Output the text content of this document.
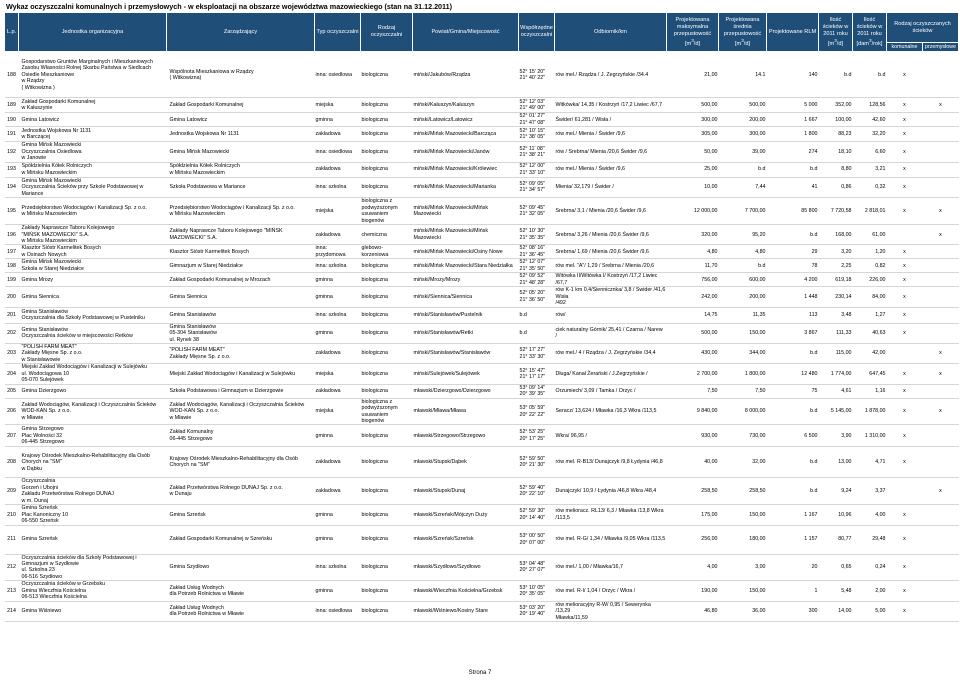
Wykaz oczyszczalni komunalnych i przemysłowych - w eksploatacji na obszarze województwa mazowieckiego (stan na 31.12.2011)
L.p.	Jednostka organizacyjna	Zarządzający	Typ oczyszczalni	Rodzaj oczyszczalni	Powiat/Gmina/Miejscowość	Współrzędne oczyszczalni	Odbiornik/km	Projektowana maksymalna przepustowość
$[m^3/d]$	Projektowana średnia przepustowość
$[m^3/d]$	Projektowane RLM	Ilość ścieków w 2011 roku
$[m^3/d]$	Ilość ścieków w 2011 roku
[dam$^3$/rok]	Rodzaj oczyszczanych ścieków	
													komunalne	przemysłowe
188	Gospodarstwo Gruntów Marginalnych i Mieszkaniowych
Zasobu Własności Rolnej Skarbu Państwa w Siedlcach
Osiedle Mieszkaniowe
w Rządzy
( Witkowizna )	Wspólnota Mieszkaniowa w Rządzy
( Witkowizna)	inna: osiedlowa	biologiczna	miński/Jakubów/Rządza	52° 15' 20"
21° 40' 22"	rów mel./ Rządza / J. Zegrzyńskie /34.4	21,00	14.1	140	b.d	b.d	x	
189	Zakład Gospodarki Komunalnej
w Kałuszynie	Zakład Gospodarki Komunalnej	miejska	biologiczna	miński/Kałuszyn/Kałuszyn	52° 12' 03"
21° 49' 00"	Witkówka/ 14,35 / Kostrzyń /17,2 Liwiec /67,7	500,00	500,00	5 000	352,00	128,56	x	x
190	Gmina Latowicz	Gmina Latowicz	gminna	biologiczna	miński/Latowicz/Latowicz	52° 01' 27"
21° 47' 08"	Świder/ 61,281 / Wisła /	300,00	200,00	1 667	100,00	42,60	x	
191	Jednostka Wojskowa Nr 1131
w Barczącej	Jednostka Wojskowa Nr 1131	zakładowa	biologiczna	miński/Mińsk Mazowiecki/Barcząca	52° 10' 15"
21° 38' 05"	rów mel./ Mienia / Świder /9,6	305,00	300,00	1 800	88,23	32,20	x	
192	Gmina Mińsk Mazowiecki
Oczyszczalnia Osiedlowa
w Janowie	Gmina Mińsk Mazowiecki	inna: osiedlowa	biologiczna	miński/Mińsk Mazowiecki/Janów	52° 11' 08"
21° 38' 21"	rów / Srebrna/ Mienia /20,6 Świder /9,6	50,00	39,00	274	18,10	6,60	x	
193	Spółdzielnia Kółek Rolniczych
w Mińsku Mazowieckim	Spółdzielnia Kółek Rolniczych
w Mińsku Mazowieckim	zakładowa	biologiczna	miński/Mińsk Mazowiecki/Królewiec	52° 12' 00"
21° 33' 10"	rów mel./ Mienia / Świder /9,6	25,00	b.d	b.d	8,80	3,21	x	
194	Gmina Mińsk Mazowiecki
Oczyszczalnia Ścieków przy Szkole Podstawowej w
Mariance	Szkoła Podstawowa w Mariance	inna: szkolna	biologiczna	miński/Mińsk Mazowiecki/Marianka	52° 09' 05"
21° 34' 57"	Mienia/ 32,179 / Świder /	10,00	7,44	41	0,86	0,32	x	
195	Przedsiębiorstwo Wodociągów i Kanalizacji Sp. z o.o.
w Mińsku Mazowieckim	Przedsiębiorstwo Wodociągów i Kanalizacji Sp. z o.o.
w Mińsku Mazowieckim	miejska	biologiczna z
podwyższonym
usuwaniem
biogenów	miński/Mińsk Mazowiecki/Mińsk
Mazowiecki	52° 09' 45"
21° 32' 05"	Srebrna/ 3,1 / Mienia /20,6 Świder /9,6	12 000,00	7 700,00	85 800	7 720,58	2 818,01	x	x
196	Zakłady Naprawcze Taboru Kolejowego
"MIŃSK MAZOWIECKI" S.A.
w Mińsku Mazowieckim	Zakłady Naprawcze Taboru Kolejowego "MIŃSK
MAZOWIECKI" S.A.	zakładowa	chemiczna	miński/Mińsk Mazowiecki/Mińsk
Mazowiecki	52° 10' 30"
21° 35' 35"	Srebrna/ 3,26 / Mienia /20,6 Świder /9,6	320,00	95,20	b.d	168,00	61,00		x
197	Klasztor Sióstr Karmelitek Bosych
w Osinach Nowych	Klasztor Sióstr Karmelitek Bosych	inna:
przydomowa	glebowo-
korzeniowa	miński/Mińsk Mazowiecki/Osiny Nowe	52° 08' 16"
21° 36' 45"	Srebrna/ 1,69 / Mienia /20,6 Świder /9,6	4,80	4,80	29	3,20	1,20	x	
198	Gmina Mińsk Mazowiecki
Szkoła w Starej Niedziałce	Gimnazjum w Starej Niedziałce	inna: szkolna	biologiczna	miński/Mińsk Mazowiecki/Stara Niedziałka	52° 12' 07"
21° 35' 50"	rów mel. "A"/ 1,29 / Srebrna / Mienia /20,6	11,70	b.d	78	2,25	0,82	x	
199	Gmina Mrozy	Zakład Gospodarki Komunalnej w Mrozach	gminna	biologiczna	miński/Mrozy/Mrozy	52° 09' 52"
21° 48' 28"	Witówka II/Witówka I/ Kostrzyń /17,2 Liwiec /67,7	756,00	600,00	4 200	619,18	226,00	x	
200	Gmina Siennica	Gmina Siennica	gminna	biologiczna	miński/Siennica/Siennica	52° 05' 20"
21° 36' 50"	rów K-1 km 0,4/Siennicznka/ 3,8 / Świder /41,6 Wisła
/492	242,00	200,00	1 448	230,14	84,00	x	
201	Gmina Stanisławów
Oczyszczalnia dla Szkoły Podstawowej w Pustelniku	Gmina Stanisławów	inna: szkolna	biologiczna	miński/Stanisławów/Pustelnik	b.d	rów/	14,75	11,35	113	3,48	1,27	x	
202	Gmina Stanisławów
Oczyszczalnia ścieków w miejscowości Retków	Gmina Stanisławów
05-304 Stanisławów
ul. Rynek 38	gminna	biologiczna	miński/Stanisławów/Retki	b.d	ciek naturalny Górnik/ 25,41 / Czarna / Narew /	500,00	150,00	3 867	111,33	40,63	x	
203	"POLISH FARM MEAT"
Zakłady Mięsne Sp. z o.o.
w Stanisławowie	"POLISH FARM MEAT"
Zakłady Mięsne Sp. z o.o.	zakładowa	biologiczna	miński/Stanisławów/Stanisławów	52° 17' 27"
21° 33' 30"	rów mel./ 4 / Rządza / J. Zegrzyńskie /34,4	430,00	344,00	b.d	115,00	42,00		x
204	Miejski Zakład Wodociągów i Kanalizacji w Sulejówku
ul. Wodociągowa 10
05-070 Sulejówek	Miejski Zakład Wodociągów i Kanalizacji w Sulejówku	miejska	biologiczna	miński/Sulejówek/Sulejówek	52° 15' 47"
21° 17' 17"	Długa/ Kanał Żerański / J.Zegrzyńskie /	2 700,00	1 800,00	12 480	1 774,00	647,45	x	x
205	Gmina Dzierzgowo	Szkoła Podstawowa i Gimnazjum w Dzierzgowie	zakładowa	biologiczna	mławski/Dzierzgowo/Dzierzgowo	53° 09' 14"
20° 39' 35"	Orzumiech/ 3,09 / Tamka / Orzyc /	7,50	7,50	75	4,61	1,16	x	
206	Zakład Wodociągów, Kanalizacji i Oczyszczalnia Ścieków
WOD-KAN Sp. z o.o.
w Mławie	Zakład Wodociągów, Kanalizacji i Oczyszczalnia Ścieków
WOD-KAN Sp. z o.o.
w Mławie	miejska	biologiczna z
podwyższonym
usuwaniem
biogenów	mławski/Mława/Mława	53° 05' 59"
20° 22' 22"	Seracz/ 13,624 / Mławka /16,3 Wkra /113,5	9 840,00	8 000,00	b.d	5 145,00	1 878,00	x	x
207	Gmina Strzegowo
Plac Wolności 32
06-445 Strzegowo	Zakład Komunalny
06-445 Strzegowo	gminna	biologiczna	mławski/Strzegowo/Strzegowo	52° 53' 25"
20° 17' 25"	Wkra/ 96,95 /	930,00	730,00	6 500	3,90	1 310,00	x	
208	Krajowy Ośrodek Mieszkalno-Rehabilitacyjny dla Osób
Chorych na "SM"
w Dąbku	Krajowy Ośrodek Mieszkalno-Rehabilitacyjny dla Osób
Chorych na "SM"	zakładowa	biologiczna	mławski/Stupsk/Dąbek	52° 59' 50"
20° 21' 30"	rów mel. R-B13/ Dunajczyk /9,8 Łydynia /46,8	40,00	32,00	b.d	13,00	4,71	x	
209	Oczyszczalnia
Gorzeń i Ubojni
Zakładu Przetwórstwa Rolnego DUNAJ
w m. Dunaj	Zakład Przetwórstwa Rolnego DUNAJ Sp. z o.o.
w Dunaju	zakładowa	biologiczna	mławski/Stupsk/Dunaj	52° 59' 40"
20° 22' 10"	Dunajczyk/ 10,9 / Łydynia /46,8 Wkra /48,4	258,50	258,50	b.d	9,24	3,37		x
210	Gmina Szreńsk
Plac Kanoniczny 10
06-550 Szreńsk	Gmina Szreńsk	gminna	biologiczna	mławski/Szreńsk/Mójczyn Duży	52° 59' 30"
20° 14' 40"	rów melioracz. RL13/ 6,3 / Mławka /13,8 Wkra /113,5	175,00	150,00	1 167	10,96	4,00	x	
211	Gmina Szreńsk	Zakład Gospodarki Komunalnej w Szreńsku	gminna	biologiczna	mławski/Szreńsk/Szreńsk	53° 00' 50"
20° 07' 00"	rów mel. R-G/ 1,34 / Mławka /9,05 Wkra /113,5	256,00	180,00	1 157	80,77	29,48	x	
212	Oczyszczalnia ścieków dla Szkoły Podstawowej i
Gimnazjum w Szydłowie
ul. Szkolna 23
06-516 Szydłowo	Gmina Szydłowo	inna: szkolna	biologiczna	mławski/Szydłowo/Szydłowo	53° 04' 48"
20° 27' 07"	rów mel./ 1,00 / Mławka/16,7	4,00	3,00	20	0,65	0,24	x	
213	Oczyszczalnia ścieków w Grzebsku
Gmina Wieczfnia Kościelna
06-513 Wieczfnia Kościelna	Zakład Usług Wodnych
dla Potrzeb Rolnictwa w Mławie	gminna	biologiczna	mławski/Wieczfnia Kościelna/Grzebsk	53° 10' 05"
20° 35' 05"	rów mel. R-I/ 1,04 / Orzyc / Wkra /	190,00	150,00	1	5,48	2,00	x	
214	Gmina Wiśniewo	Zakład Usług Wodnych
dla Potrzeb Rolnictwa w Mławie	inna: osiedlowa	biologiczna	mławski/Wiśniewo/Kosiny Stare	53° 03' 20"
20° 19' 40"	rów melioracyjny R-W/ 0,95 / Sewerynka /13,29
Mławka/11,59	46,80	36,00	300	14,00	5,00	x	
Strona 7
